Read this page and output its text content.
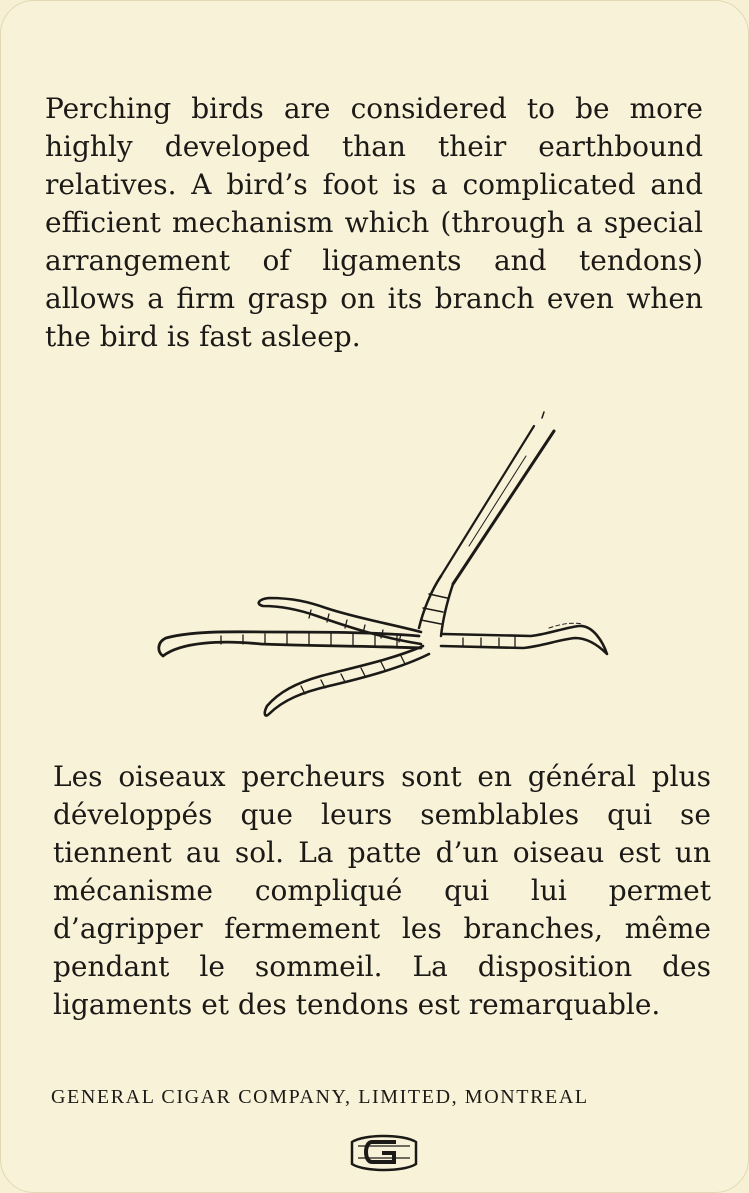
Perching birds are considered to be more highly developed than their earthbound relatives. A bird’s foot is a complicated and efficient mechanism which (through a special arrangement of ligaments and tendons) allows a firm grasp on its branch even when the bird is fast asleep.

Les oiseaux percheurs sont en général plus développés que leurs semblables qui se tiennent au sol. La patte d’un oiseau est un mécanisme compliqué qui lui permet d’agripper fermement les branches, même pendant le sommeil. La disposition des ligaments et des tendons est remarquable.

GENERAL CIGAR COMPANY, LIMITED, MONTREAL
